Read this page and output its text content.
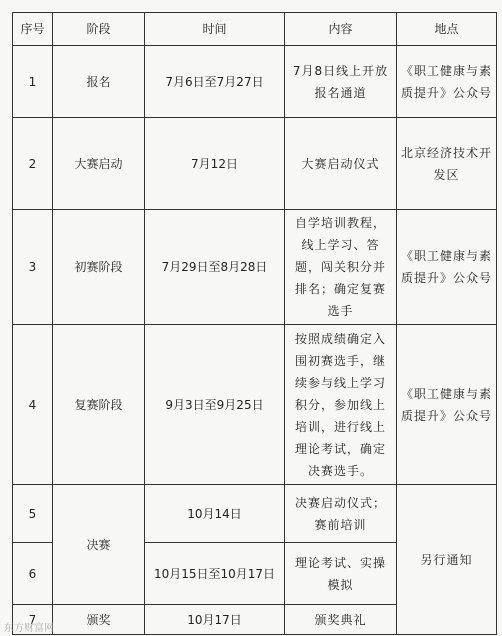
序号	阶段	时间	内容	地点
1	报名	7月6日至7月27日	7月8日线上开放报名通道	《职工健康与素质提升》公众号
2	大赛启动	7月12日	大赛启动仪式	北京经济技术开发区
3	初赛阶段	7月29日至8月28日	自学培训教程，线上学习、答题，闯关积分并排名；确定复赛选手	《职工健康与素质提升》公众号
4	复赛阶段	9月3日至9月25日	按照成绩确定入围初赛选手，继续参与线上学习积分，参加线上培训，进行线上理论考试，确定决赛选手。	《职工健康与素质提升》公众号
5	决赛	10月14日	决赛启动仪式；赛前培训	另行通知
6		10月15日至10月17日	理论考试、实操模拟	
7	颁奖	10月17日	颁奖典礼	
东方财富网
